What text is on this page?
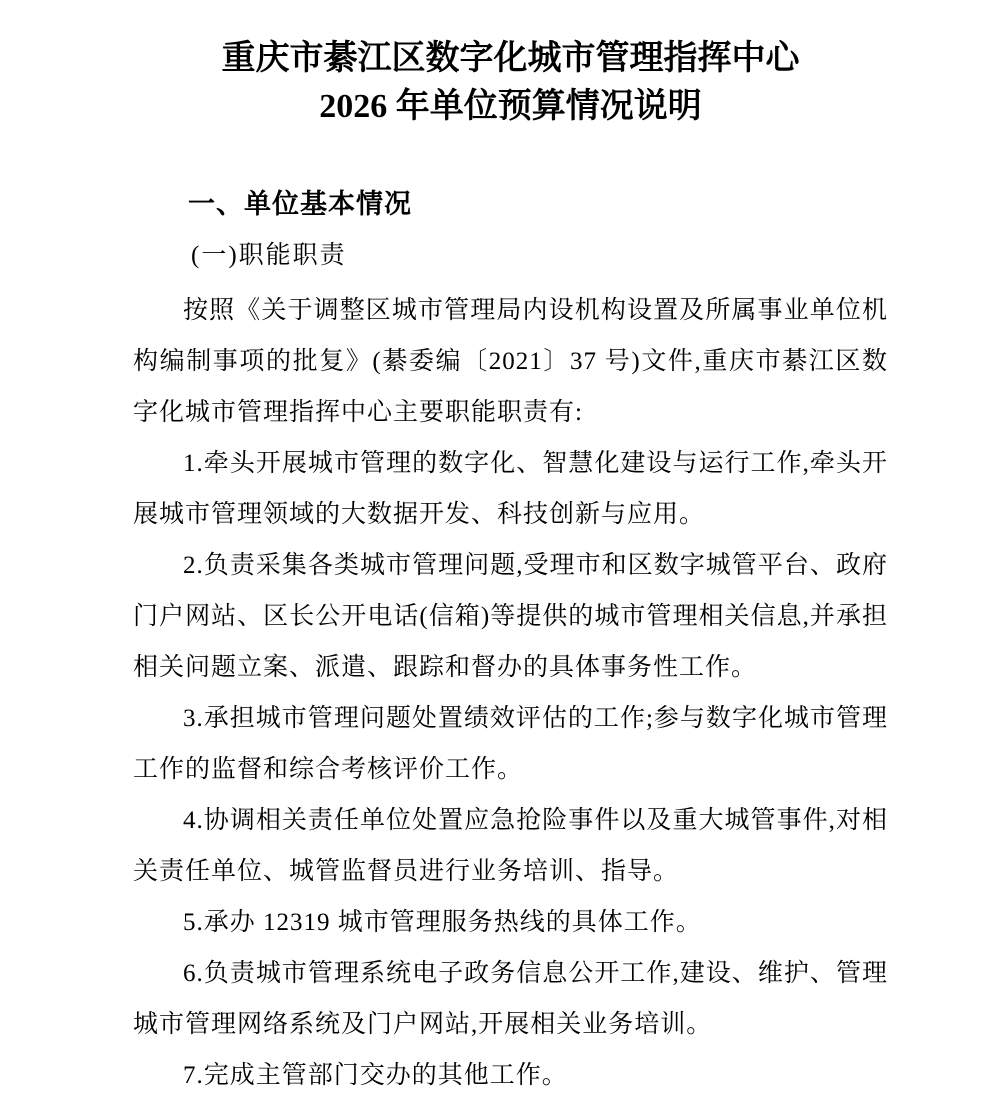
重庆市綦江区数字化城市管理指挥中心
2026 年单位预算情况说明
一、单位基本情况
(一)职能职责

按照《关于调整区城市管理局内设机构设置及所属事业单位机构编制事项的批复》(綦委编〔2021〕37 号)文件,重庆市綦江区数字化城市管理指挥中心主要职能职责有:

1.牵头开展城市管理的数字化、智慧化建设与运行工作,牵头开展城市管理领域的大数据开发、科技创新与应用。

2.负责采集各类城市管理问题,受理市和区数字城管平台、政府门户网站、区长公开电话(信箱)等提供的城市管理相关信息,并承担相关问题立案、派遣、跟踪和督办的具体事务性工作。

3.承担城市管理问题处置绩效评估的工作;参与数字化城市管理工作的监督和综合考核评价工作。

4.协调相关责任单位处置应急抢险事件以及重大城管事件,对相关责任单位、城管监督员进行业务培训、指导。

5.承办 12319 城市管理服务热线的具体工作。

6.负责城市管理系统电子政务信息公开工作,建设、维护、管理城市管理网络系统及门户网站,开展相关业务培训。

7.完成主管部门交办的其他工作。
